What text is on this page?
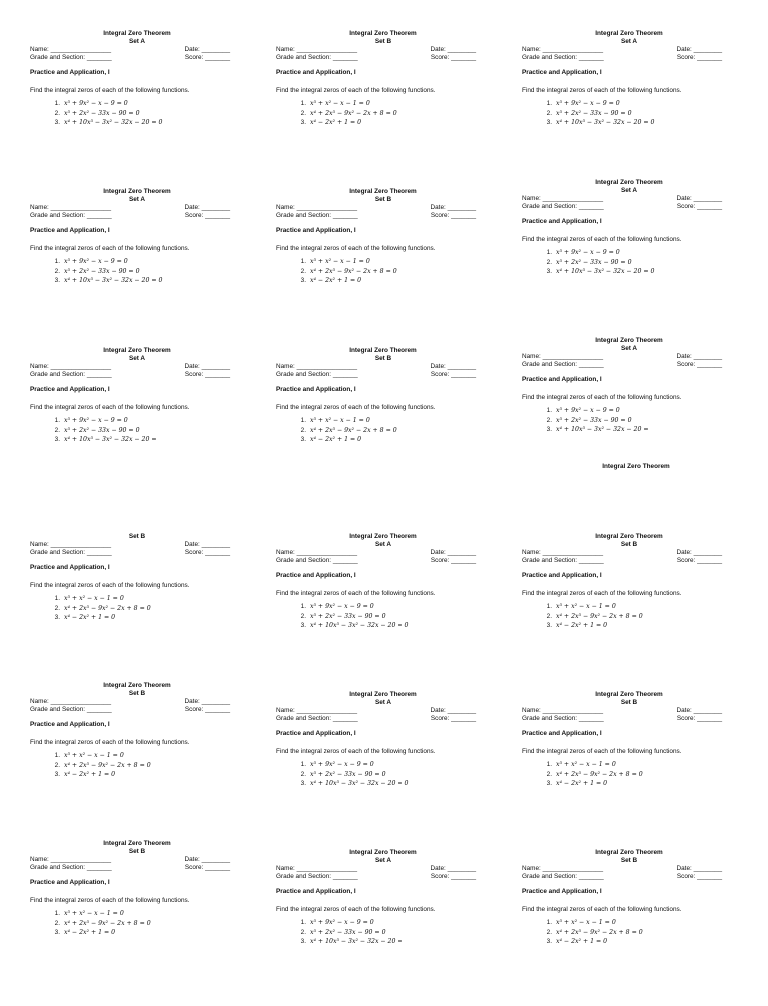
Integral Zero Theorem
Set A
Name: _________________	Date: ________
Grade and Section: _______	Score: _______
Practice and Application, I
Find the integral zeros of each of the following functions.
1. x³ + 9x² − x − 9 = 0
2. x³ + 2x² − 33x − 90 = 0
3. x⁴ + 10x³ − 3x² − 32x − 20 = 0
Integral Zero Theorem
Set B
Name: _________________	Date: ________
Grade and Section: _______	Score: _______
Practice and Application, I
Find the integral zeros of each of the following functions.
1. x³ + x² − x − 1 = 0
2. x⁴ + 2x³ − 9x² − 2x + 8 = 0
3. x⁴ − 2x² + 1 = 0
Integral Zero Theorem
Set A
Name: _________________	Date: ________
Grade and Section: _______	Score: _______
Practice and Application, I
Find the integral zeros of each of the following functions.
1. x³ + 9x² − x − 9 = 0
2. x³ + 2x² − 33x − 90 = 0
3. x⁴ + 10x³ − 3x² − 32x − 20 = 0
Integral Zero Theorem
Set A
Name: _________________	Date: ________
Grade and Section: _______	Score: _______
Practice and Application, I
Find the integral zeros of each of the following functions.
1. x³ + 9x² − x − 9 = 0
2. x³ + 2x² − 33x − 90 = 0
3. x⁴ + 10x³ − 3x² − 32x − 20 = 0
Integral Zero Theorem
Set B
Name: _________________	Date: ________
Grade and Section: _______	Score: _______
Practice and Application, I
Find the integral zeros of each of the following functions.
1. x³ + x² − x − 1 = 0
2. x⁴ + 2x³ − 9x² − 2x + 8 = 0
3. x⁴ − 2x² + 1 = 0
Integral Zero Theorem
Set A
Name: _________________	Date: ________
Grade and Section: _______	Score: _______
Practice and Application, I
Find the integral zeros of each of the following functions.
1. x³ + 9x² − x − 9 = 0
2. x³ + 2x² − 33x − 90 = 0
3. x⁴ + 10x³ − 3x² − 32x − 20 = 0
Integral Zero Theorem
Set A
Name: _________________	Date: ________
Grade and Section: _______	Score: _______
Practice and Application, I
Find the integral zeros of each of the following functions.
1. x³ + 9x² − x − 9 = 0
2. x³ + 2x² − 33x − 90 = 0
3. x⁴ + 10x³ − 3x² − 32x − 20 =
Integral Zero Theorem
Set B
Name: _________________	Date: ________
Grade and Section: _______	Score: _______
Practice and Application, I
Find the integral zeros of each of the following functions.
1. x³ + x² − x − 1 = 0
2. x⁴ + 2x³ − 9x² − 2x + 8 = 0
3. x⁴ − 2x² + 1 = 0
Integral Zero Theorem
Set A
Name: _________________	Date: ________
Grade and Section: _______	Score: _______
Practice and Application, I
Find the integral zeros of each of the following functions.
1. x³ + 9x² − x − 9 = 0
2. x³ + 2x² − 33x − 90 = 0
3. x⁴ + 10x³ − 3x² − 32x − 20 =
Integral Zero Theorem
Set B
Name: _________________	Date: ________
Grade and Section: _______	Score: _______
Practice and Application, I
Find the integral zeros of each of the following functions.
1. x³ + x² − x − 1 = 0
2. x⁴ + 2x³ − 9x² − 2x + 8 = 0
3. x⁴ − 2x² + 1 = 0
Integral Zero Theorem
Set A
Name: _________________	Date: ________
Grade and Section: _______	Score: _______
Practice and Application, I
Find the integral zeros of each of the following functions.
1. x³ + 9x² − x − 9 = 0
2. x³ + 2x² − 33x − 90 = 0
3. x⁴ + 10x³ − 3x² − 32x − 20 = 0
Integral Zero Theorem
Set B
Name: _________________	Date: ________
Grade and Section: _______	Score: _______
Practice and Application, I
Find the integral zeros of each of the following functions.
1. x³ + x² − x − 1 = 0
2. x⁴ + 2x³ − 9x² − 2x + 8 = 0
3. x⁴ − 2x² + 1 = 0
Integral Zero Theorem
Set B
Name: _________________	Date: ________
Grade and Section: _______	Score: _______
Practice and Application, I
Find the integral zeros of each of the following functions.
1. x³ + x² − x − 1 = 0
2. x⁴ + 2x³ − 9x² − 2x + 8 = 0
3. x⁴ − 2x² + 1 = 0
Integral Zero Theorem
Set A
Name: _________________	Date: ________
Grade and Section: _______	Score: _______
Practice and Application, I
Find the integral zeros of each of the following functions.
1. x³ + 9x² − x − 9 = 0
2. x³ + 2x² − 33x − 90 = 0
3. x⁴ + 10x³ − 3x² − 32x − 20 = 0
Integral Zero Theorem
Set B
Name: _________________	Date: ________
Grade and Section: _______	Score: _______
Practice and Application, I
Find the integral zeros of each of the following functions.
1. x³ + x² − x − 1 = 0
2. x⁴ + 2x³ − 9x² − 2x + 8 = 0
3. x⁴ − 2x² + 1 = 0
Integral Zero Theorem
Set B
Name: _________________	Date: ________
Grade and Section: _______	Score: _______
Practice and Application, I
Find the integral zeros of each of the following functions.
1. x³ + x² − x − 1 = 0
2. x⁴ + 2x³ − 9x² − 2x + 8 = 0
3. x⁴ − 2x² + 1 = 0
Integral Zero Theorem
Set A
Name: _________________	Date: ________
Grade and Section: _______	Score: _______
Practice and Application, I
Find the integral zeros of each of the following functions.
1. x³ + 9x² − x − 9 = 0
2. x³ + 2x² − 33x − 90 = 0
3. x⁴ + 10x³ − 3x² − 32x − 20 =
Integral Zero Theorem
Set B
Name: _________________	Date: ________
Grade and Section: _______	Score: _______
Practice and Application, I
Find the integral zeros of each of the following functions.
1. x³ + x² − x − 1 = 0
2. x⁴ + 2x³ − 9x² − 2x + 8 = 0
3. x⁴ − 2x² + 1 = 0
